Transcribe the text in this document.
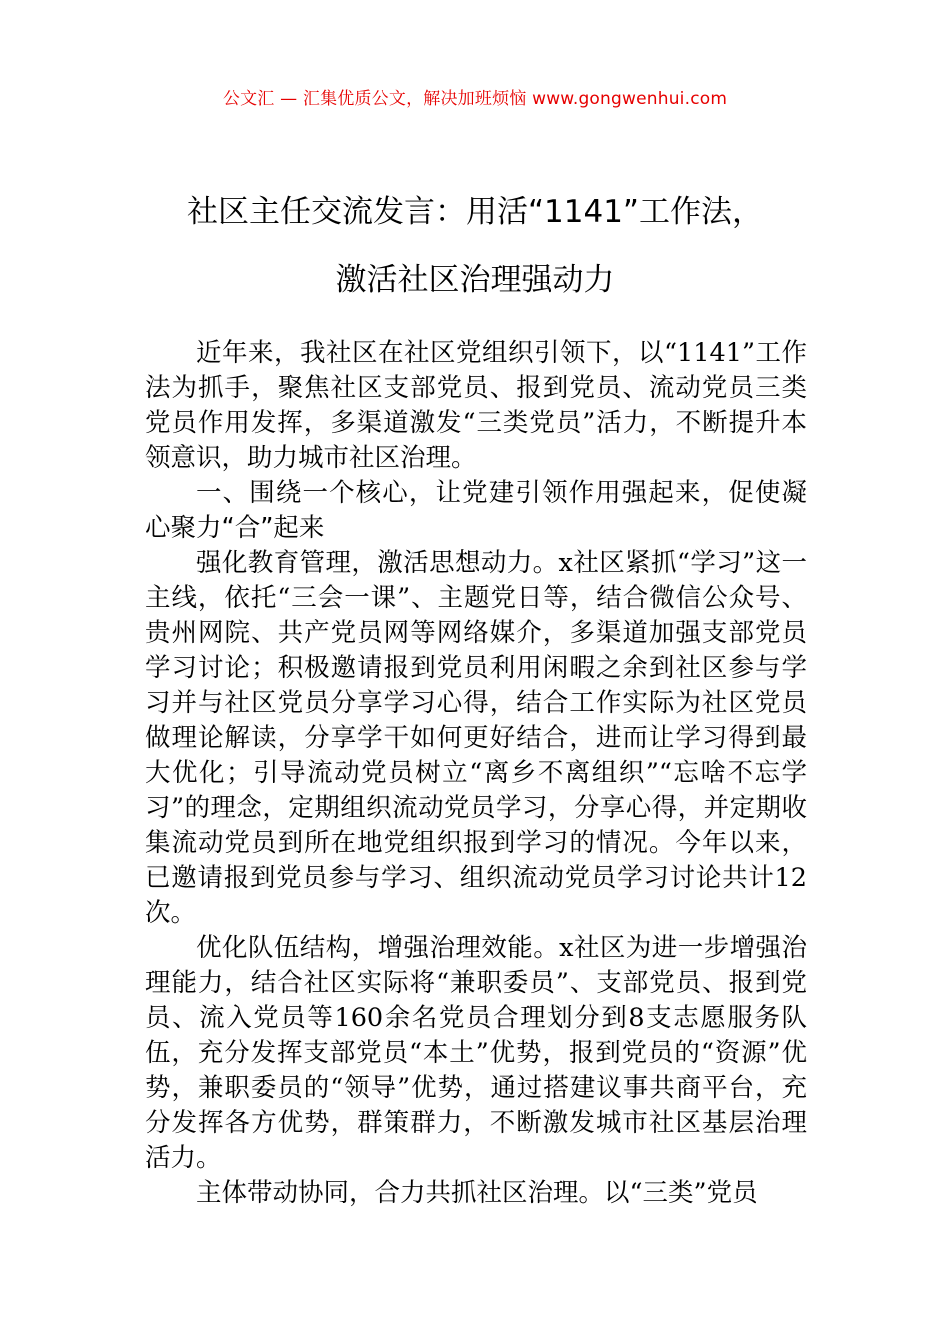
公文汇 — 汇集优质公文，解决加班烦恼 www.gongwenhui.com
社区主任交流发言：用活“1141”工作法，
激活社区治理强动力

近年来，我社区在社区党组织引领下，以“1141”工作法为抓手，聚焦社区支部党员、报到党员、流动党员三类党员作用发挥，多渠道激发“三类党员”活力，不断提升本领意识，助力城市社区治理。

一、围绕一个核心，让党建引领作用强起来，促使凝心聚力“合”起来

强化教育管理，激活思想动力。x社区紧抓“学习”这一主线，依托“三会一课”、主题党日等，结合微信公众号、贵州网院、共产党员网等网络媒介，多渠道加强支部党员学习讨论；积极邀请报到党员利用闲暇之余到社区参与学习并与社区党员分享学习心得，结合工作实际为社区党员做理论解读，分享学干如何更好结合，进而让学习得到最大优化；引导流动党员树立“离乡不离组织”“忘啥不忘学习”的理念，定期组织流动党员学习，分享心得，并定期收集流动党员到所在地党组织报到学习的情况。今年以来，已邀请报到党员参与学习、组织流动党员学习讨论共计12次。

优化队伍结构，增强治理效能。x社区为进一步增强治理能力，结合社区实际将“兼职委员”、支部党员、报到党员、流入党员等160余名党员合理划分到8支志愿服务队伍，充分发挥支部党员“本土”优势，报到党员的“资源”优势，兼职委员的“领导”优势，通过搭建议事共商平台，充分发挥各方优势，群策群力，不断激发城市社区基层治理活力。

主体带动协同，合力共抓社区治理。以“三类”党员
